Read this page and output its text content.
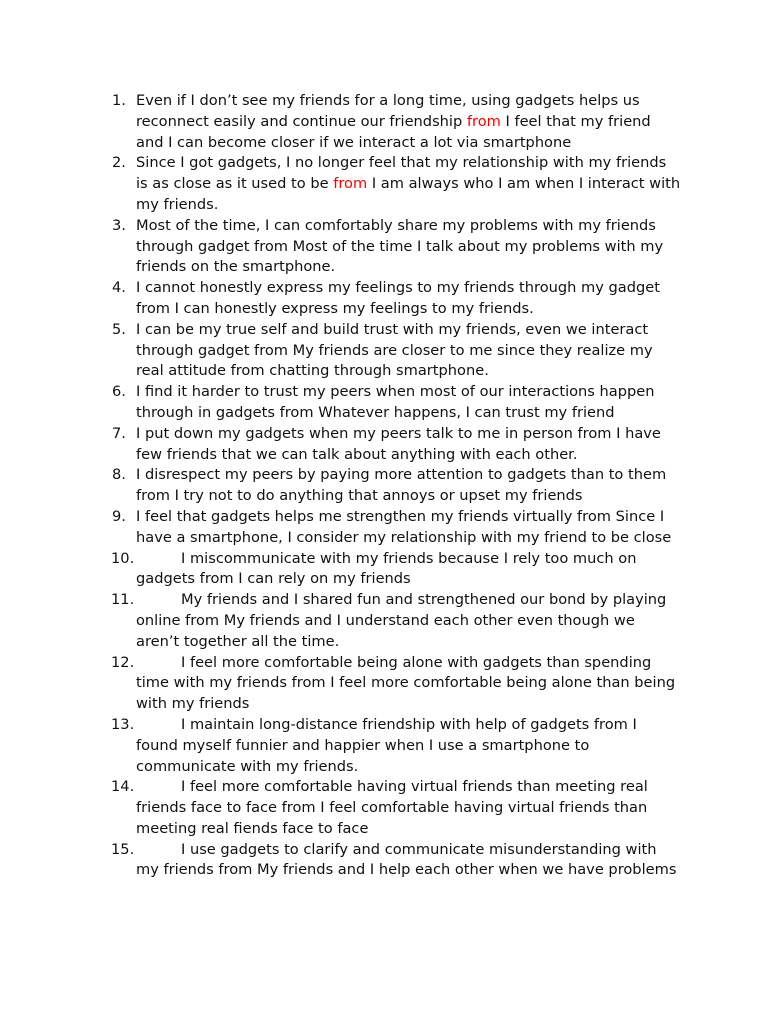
1. Even if I don’t see my friends for a long time, using gadgets helps us reconnect easily and continue our friendship from I feel that my friend and I can become closer if we interact a lot via smartphone
2. Since I got gadgets, I no longer feel that my relationship with my friends is as close as it used to be from I am always who I am when I interact with my friends.
3. Most of the time, I can comfortably share my problems with my friends through gadget from Most of the time I talk about my problems with my friends on the smartphone.
4. I cannot honestly express my feelings to my friends through my gadget from I can honestly express my feelings to my friends.
5. I can be my true self and build trust with my friends, even we interact through gadget from My friends are closer to me since they realize my real attitude from chatting through smartphone.
6. I find it harder to trust my peers when most of our interactions happen through in gadgets from Whatever happens, I can trust my friend
7. I put down my gadgets when my peers talk to me in person from I have few friends that we can talk about anything with each other.
8. I disrespect my peers by paying more attention to gadgets than to them from I try not to do anything that annoys or upset my friends
9. I feel that gadgets helps me strengthen my friends virtually from Since I have a smartphone, I consider my relationship with my friend to be close
10.	I miscommunicate with my friends because I rely too much on gadgets from I can rely on my friends
11.	My friends and I shared fun and strengthened our bond by playing online from My friends and I understand each other even though we aren’t together all the time.
12.	I feel more comfortable being alone with gadgets than spending time with my friends from I feel more comfortable being alone than being with my friends
13.	I maintain long-distance friendship with help of gadgets from I found myself funnier and happier when I use a smartphone to communicate with my friends.
14.	I feel more comfortable having virtual friends than meeting real friends face to face from I feel comfortable having virtual friends than meeting real fiends face to face
15.	I use gadgets to clarify and communicate misunderstanding with my friends from My friends and I help each other when we have problems
